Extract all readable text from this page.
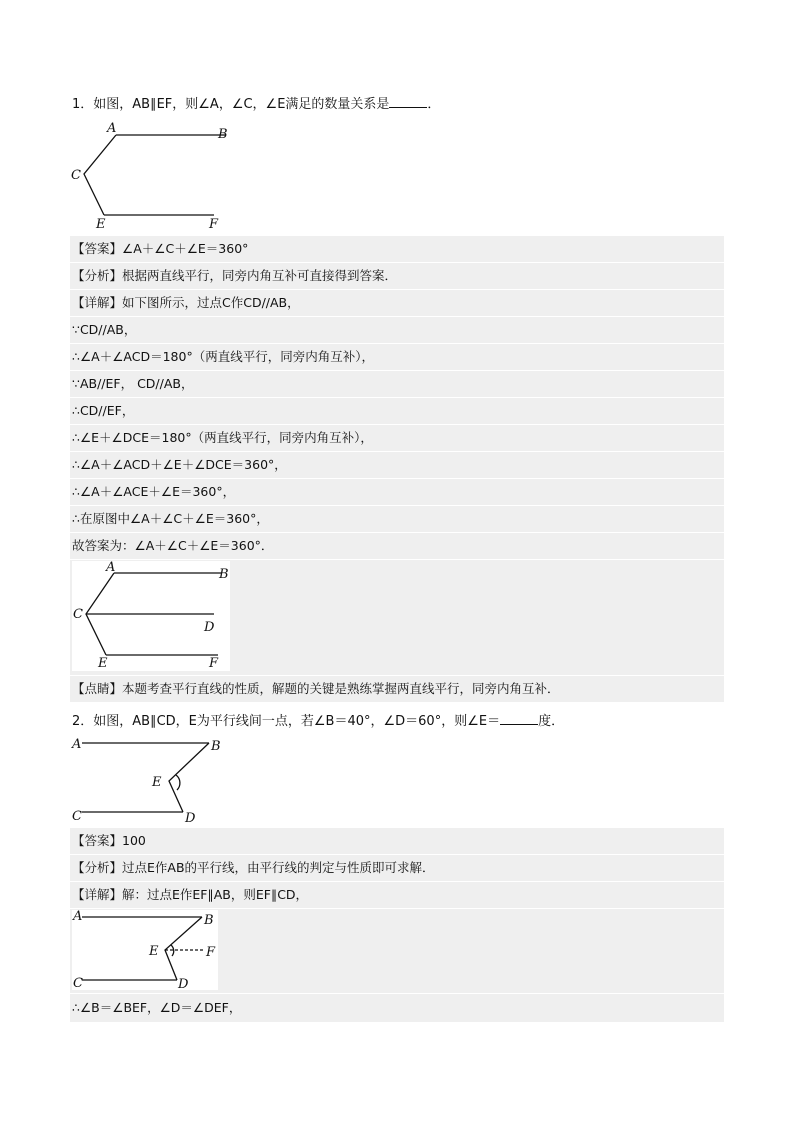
1．如图，AB∥EF，则∠A，∠C，∠E满足的数量关系是	．
A	B
C
E	F
【答案】∠A＋∠C＋∠E＝360°
【分析】根据两直线平行，同旁内角互补可直接得到答案．
【详解】如下图所示，过点C作CD//AB，
∵CD//AB，
∴∠A＋∠ACD＝180°（两直线平行，同旁内角互补），
∵AB//EF， CD//AB，
∴CD//EF，
∴∠E＋∠DCE＝180°（两直线平行，同旁内角互补），
∴∠A＋∠ACD＋∠E＋∠DCE＝360°，
∴∠A＋∠ACE＋∠E＝360°，
∴在原图中∠A＋∠C＋∠E＝360°，
故答案为：∠A＋∠C＋∠E＝360°．
A	B
C
D
E	F
【点睛】本题考查平行直线的性质，解题的关键是熟练掌握两直线平行，同旁内角互补．
2．如图，AB∥CD，E为平行线间一点，若∠B＝40°，∠D＝60°，则∠E＝	度．
A	B
E
C	D
【答案】100
【分析】过点E作AB的平行线，由平行线的判定与性质即可求解．
【详解】解：过点E作EF∥AB，则EF∥CD，
A	B
E	F
C	D
∴∠B＝∠BEF，∠D＝∠DEF，
